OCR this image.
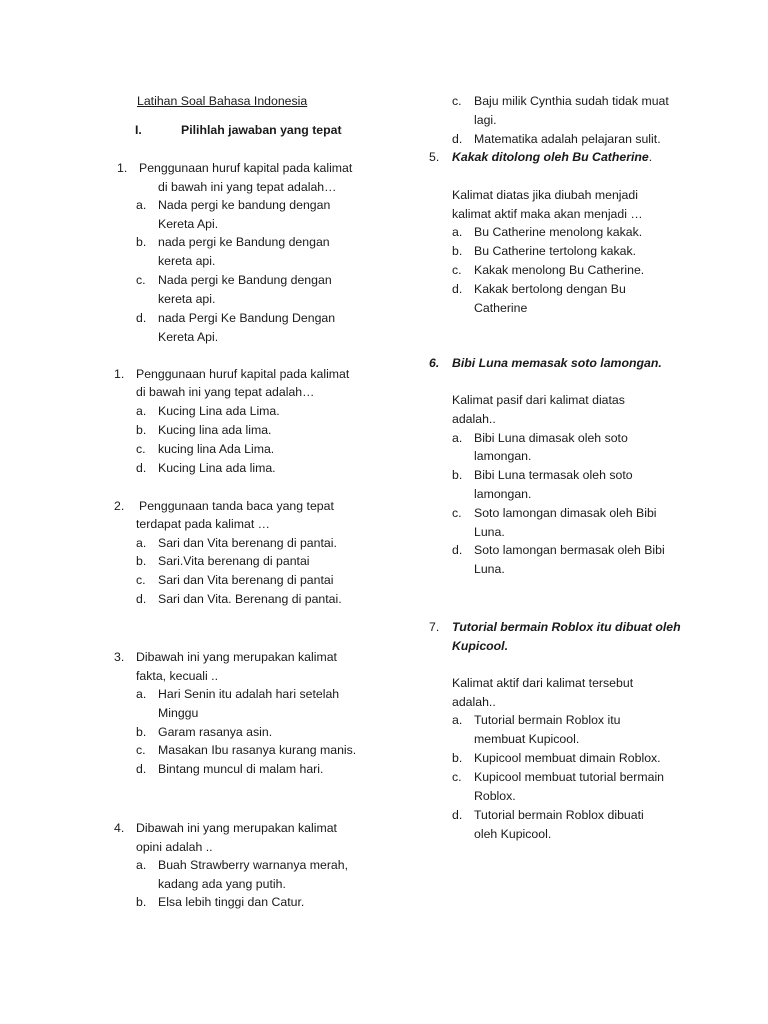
Latihan Soal Bahasa Indonesia
I.	Pilihlah jawaban yang tepat
1. Penggunaan huruf kapital pada kalimat
di bawah ini yang tepat adalah…
a. Nada pergi ke bandung dengan
Kereta Api.
b. nada pergi ke Bandung dengan
kereta api.
c. Nada pergi ke Bandung dengan
kereta api.
d. nada Pergi Ke Bandung Dengan
Kereta Api.
1. Penggunaan huruf kapital pada kalimat
di bawah ini yang tepat adalah…
a. Kucing Lina ada Lima.
b. Kucing lina ada lima.
c. kucing lina Ada Lima.
d. Kucing Lina ada lima.
2. Penggunaan tanda baca yang tepat
terdapat pada kalimat …
a. Sari dan Vita berenang di pantai.
b. Sari.Vita berenang di pantai
c. Sari dan Vita berenang di pantai
d. Sari dan Vita. Berenang di pantai.
3. Dibawah ini yang merupakan kalimat
fakta, kecuali ..
a. Hari Senin itu adalah hari setelah
Minggu
b. Garam rasanya asin.
c. Masakan Ibu rasanya kurang manis.
d. Bintang muncul di malam hari.
4. Dibawah ini yang merupakan kalimat
opini adalah ..
a. Buah Strawberry warnanya merah,
kadang ada yang putih.
b. Elsa lebih tinggi dan Catur.
c. Baju milik Cynthia sudah tidak muat
lagi.
d. Matematika adalah pelajaran sulit.
5. Kakak ditolong oleh Bu Catherine.
Kalimat diatas jika diubah menjadi
kalimat aktif maka akan menjadi …
a. Bu Catherine menolong kakak.
b. Bu Catherine tertolong kakak.
c. Kakak menolong Bu Catherine.
d. Kakak bertolong dengan Bu
Catherine
6. Bibi Luna memasak soto lamongan.
Kalimat pasif dari kalimat diatas
adalah..
a. Bibi Luna dimasak oleh soto
lamongan.
b. Bibi Luna termasak oleh soto
lamongan.
c. Soto lamongan dimasak oleh Bibi
Luna.
d. Soto lamongan bermasak oleh Bibi
Luna.
7. Tutorial bermain Roblox itu dibuat oleh
Kupicool.
Kalimat aktif dari kalimat tersebut
adalah..
a. Tutorial bermain Roblox itu
membuat Kupicool.
b. Kupicool membuat dimain Roblox.
c. Kupicool membuat tutorial bermain
Roblox.
d. Tutorial bermain Roblox dibuati
oleh Kupicool.
